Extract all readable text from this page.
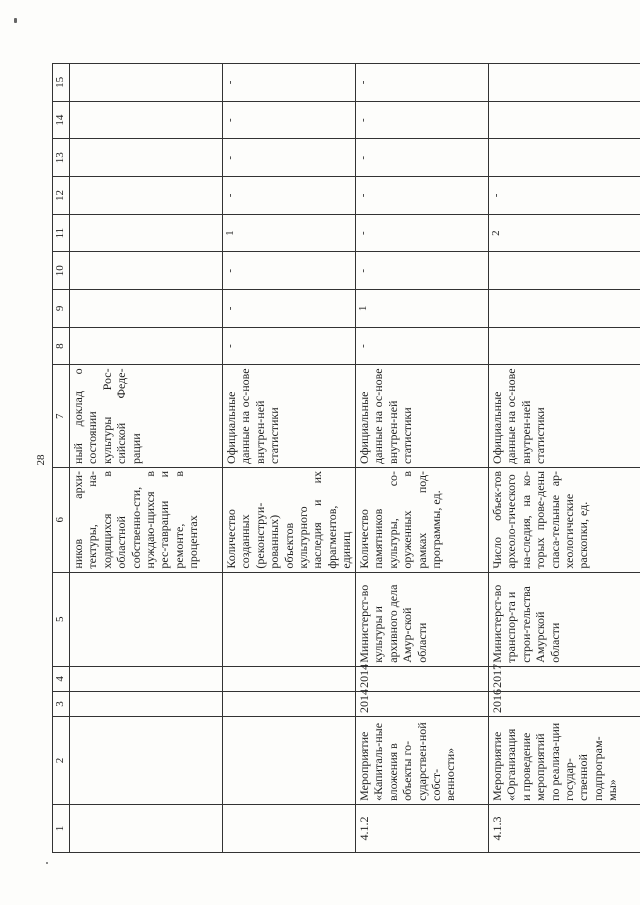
28
1	2	3	4	5	6	7	8	9	10	11	12	13	14	15
					ников архи-тектуры, на-ходящихся в областной собственно-сти, нуждаю-щихся в рес-таврации и ремонте, в процентах	ный доклад о состоянии культуры Рос-сийской Феде-рации	

					Количество созданных (реконструи-рованных) объектов культурного наследия и их фрагментов, единиц	Официальные данные на ос-нове внутрен-ней статистики	-	-	-	1	-	-	-	-

4.1.2	Мероприятие «Капиталь-ные вложения в объекты го-сударствен-ной собст-венности»	2014	2014	Министерст-во культуры и архивного дела Амур-ской области	Количество памятников культуры, со-оруженных в рамках под-программы, ед.	Официальные данные на ос-нове внутрен-ней статистики	-	1	-	-	-	-	-	-

4.1.3	Мероприятие «Организация и проведение мероприятий по реализа-ции государ-ственной подпрограм-мы»	2016	2017	Министерст-во транспор-та и строи-тельства Амурской области	Число объек-тов археоло-гического на-следия, на ко-торых прове-дены спаса-тельные ар-хеологические раскопки, ед.	Официальные данные на ос-нове внутрен-ней статистики				2	-			
